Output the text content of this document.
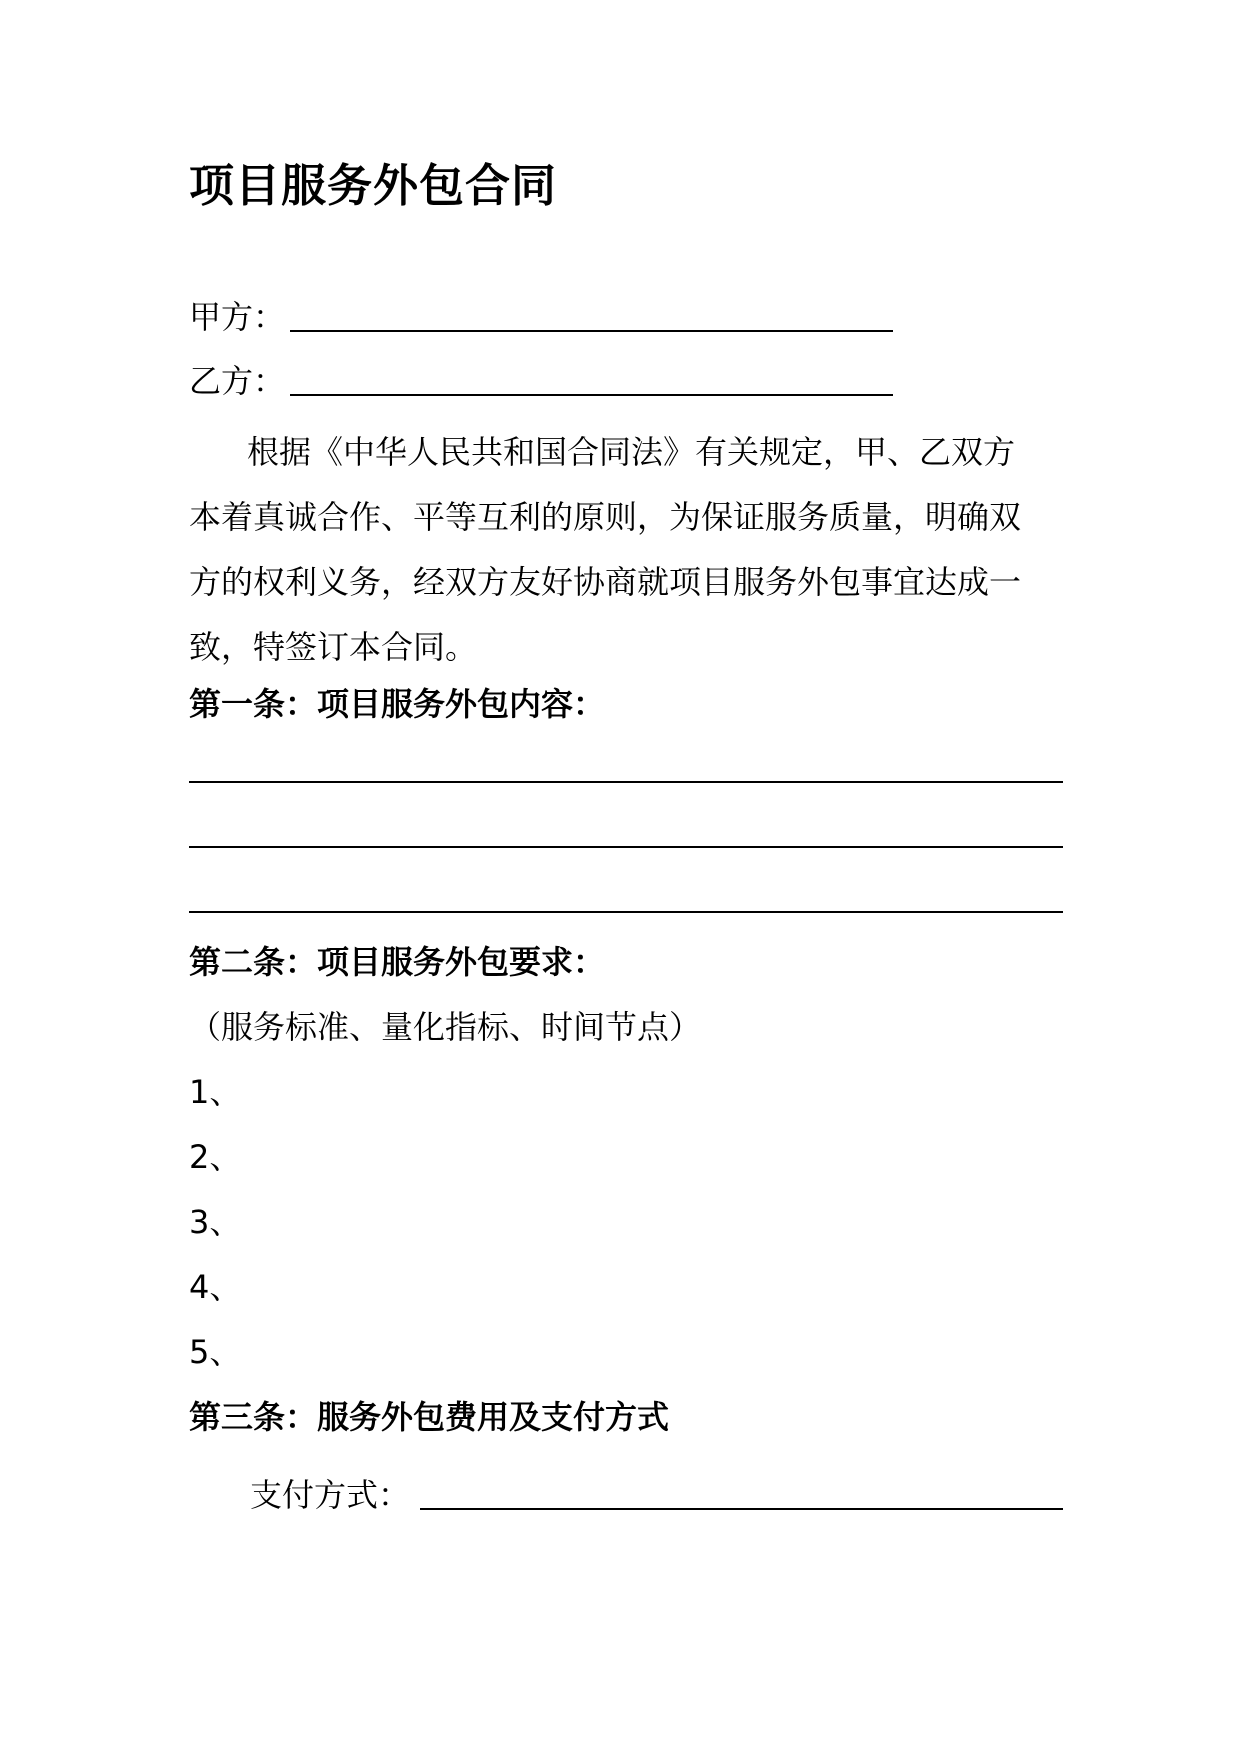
项目服务外包合同
甲方：
乙方：
根据《中华人民共和国合同法》有关规定，甲、乙双方
本着真诚合作、平等互利的原则，为保证服务质量，明确双
方的权利义务，经双方友好协商就项目服务外包事宜达成一
致，特签订本合同。
第一条：项目服务外包内容：
第二条：项目服务外包要求：
（服务标准、量化指标、时间节点）
1、
2、
3、
4、
5、
第三条：服务外包费用及支付方式
支付方式：
